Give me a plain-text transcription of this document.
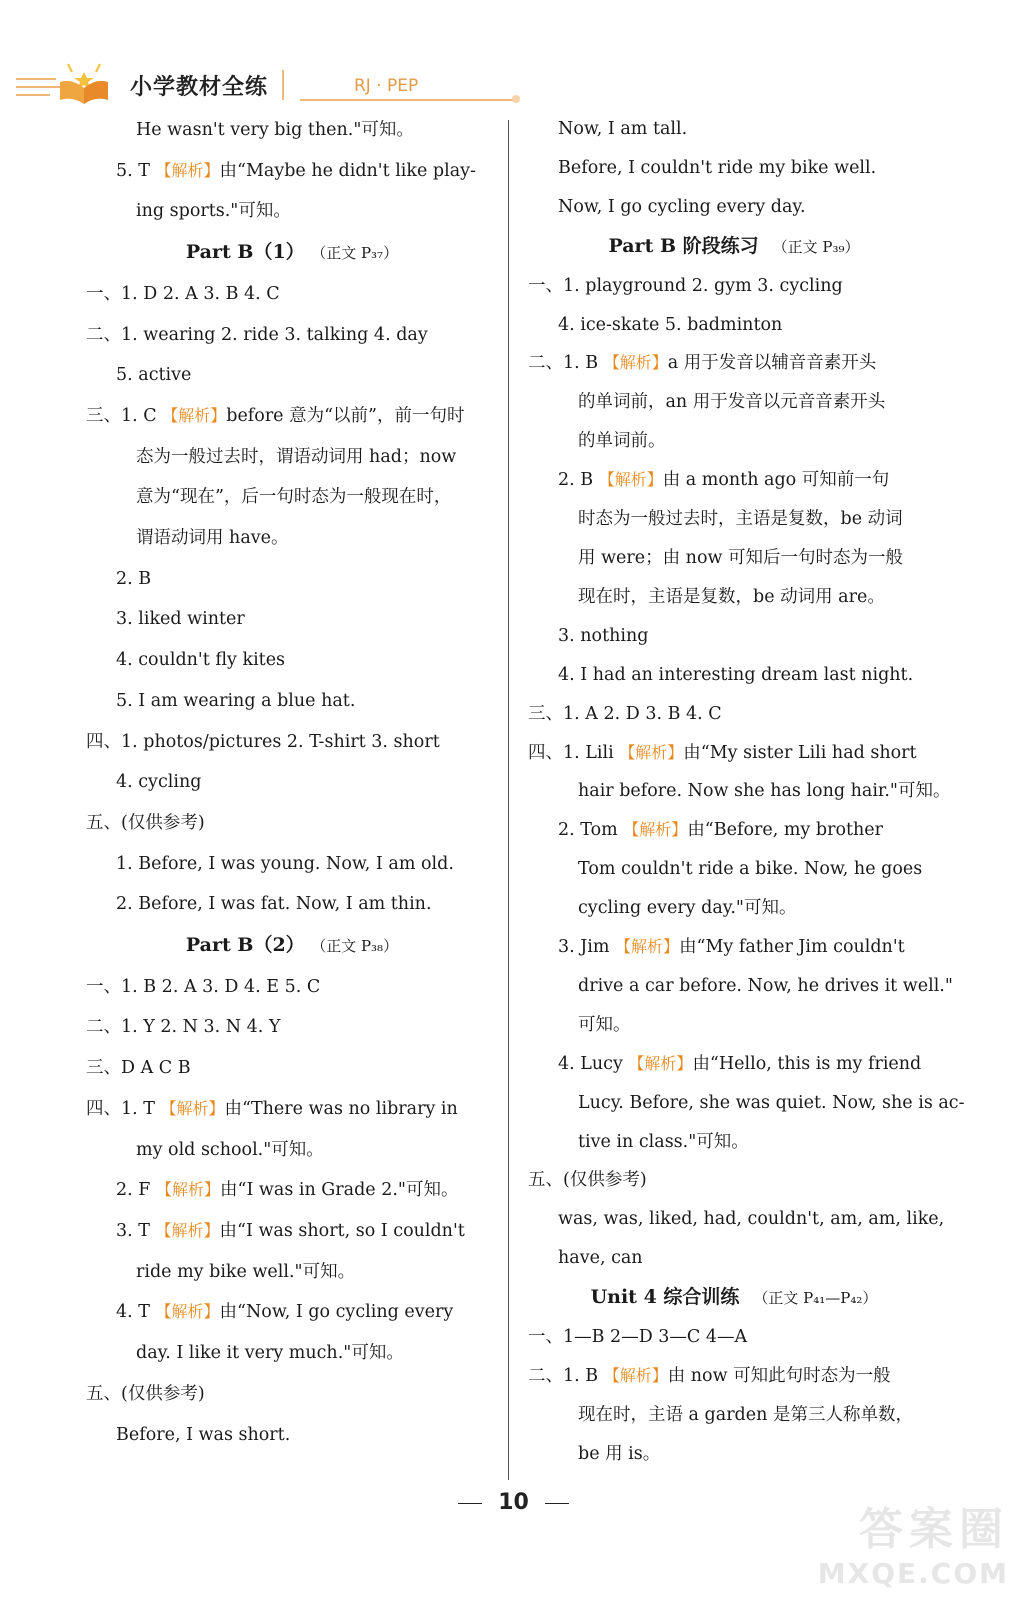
小学教材全练	RJ · PEP
He wasn't very big then."可知。
5. T 【解析】由“Maybe he didn't like play-
ing sports."可知。
Part B（1） （正文 P₃₇）
一、1. D 2. A 3. B 4. C
二、1. wearing 2. ride 3. talking 4. day
5. active
三、1. C 【解析】before 意为“以前”，前一句时
态为一般过去时，谓语动词用 had；now
意为“现在”，后一句时态为一般现在时，
谓语动词用 have。
2. B
3. liked winter
4. couldn't fly kites
5. I am wearing a blue hat.
四、1. photos/pictures 2. T-shirt 3. short
4. cycling
五、(仅供参考)
1. Before, I was young. Now, I am old.
2. Before, I was fat. Now, I am thin.
Part B（2） （正文 P₃₈）
一、1. B 2. A 3. D 4. E 5. C
二、1. Y 2. N 3. N 4. Y
三、D A C B
四、1. T 【解析】由“There was no library in
my old school."可知。
2. F 【解析】由“I was in Grade 2."可知。
3. T 【解析】由“I was short, so I couldn't
ride my bike well."可知。
4. T 【解析】由“Now, I go cycling every
day. I like it very much."可知。
五、(仅供参考)
Before, I was short.
Now, I am tall.
Before, I couldn't ride my bike well.
Now, I go cycling every day.
Part B 阶段练习 （正文 P₃₉）
一、1. playground 2. gym 3. cycling
4. ice-skate 5. badminton
二、1. B 【解析】a 用于发音以辅音音素开头
的单词前，an 用于发音以元音音素开头
的单词前。
2. B 【解析】由 a month ago 可知前一句
时态为一般过去时，主语是复数，be 动词
用 were；由 now 可知后一句时态为一般
现在时，主语是复数，be 动词用 are。
3. nothing
4. I had an interesting dream last night.
三、1. A 2. D 3. B 4. C
四、1. Lili 【解析】由“My sister Lili had short
hair before. Now she has long hair."可知。
2. Tom 【解析】由“Before, my brother
Tom couldn't ride a bike. Now, he goes
cycling every day."可知。
3. Jim 【解析】由“My father Jim couldn't
drive a car before. Now, he drives it well."
可知。
4. Lucy 【解析】由“Hello, this is my friend
Lucy. Before, she was quiet. Now, she is ac-
tive in class."可知。
五、(仅供参考)
was, was, liked, had, couldn't, am, am, like,
have, can
Unit 4 综合训练 （正文 P₄₁—P₄₂）
一、1—B 2—D 3—C 4—A
二、1. B 【解析】由 now 可知此句时态为一般
现在时，主语 a garden 是第三人称单数，
be 用 is。
10
答案圈
MXQE.COM
